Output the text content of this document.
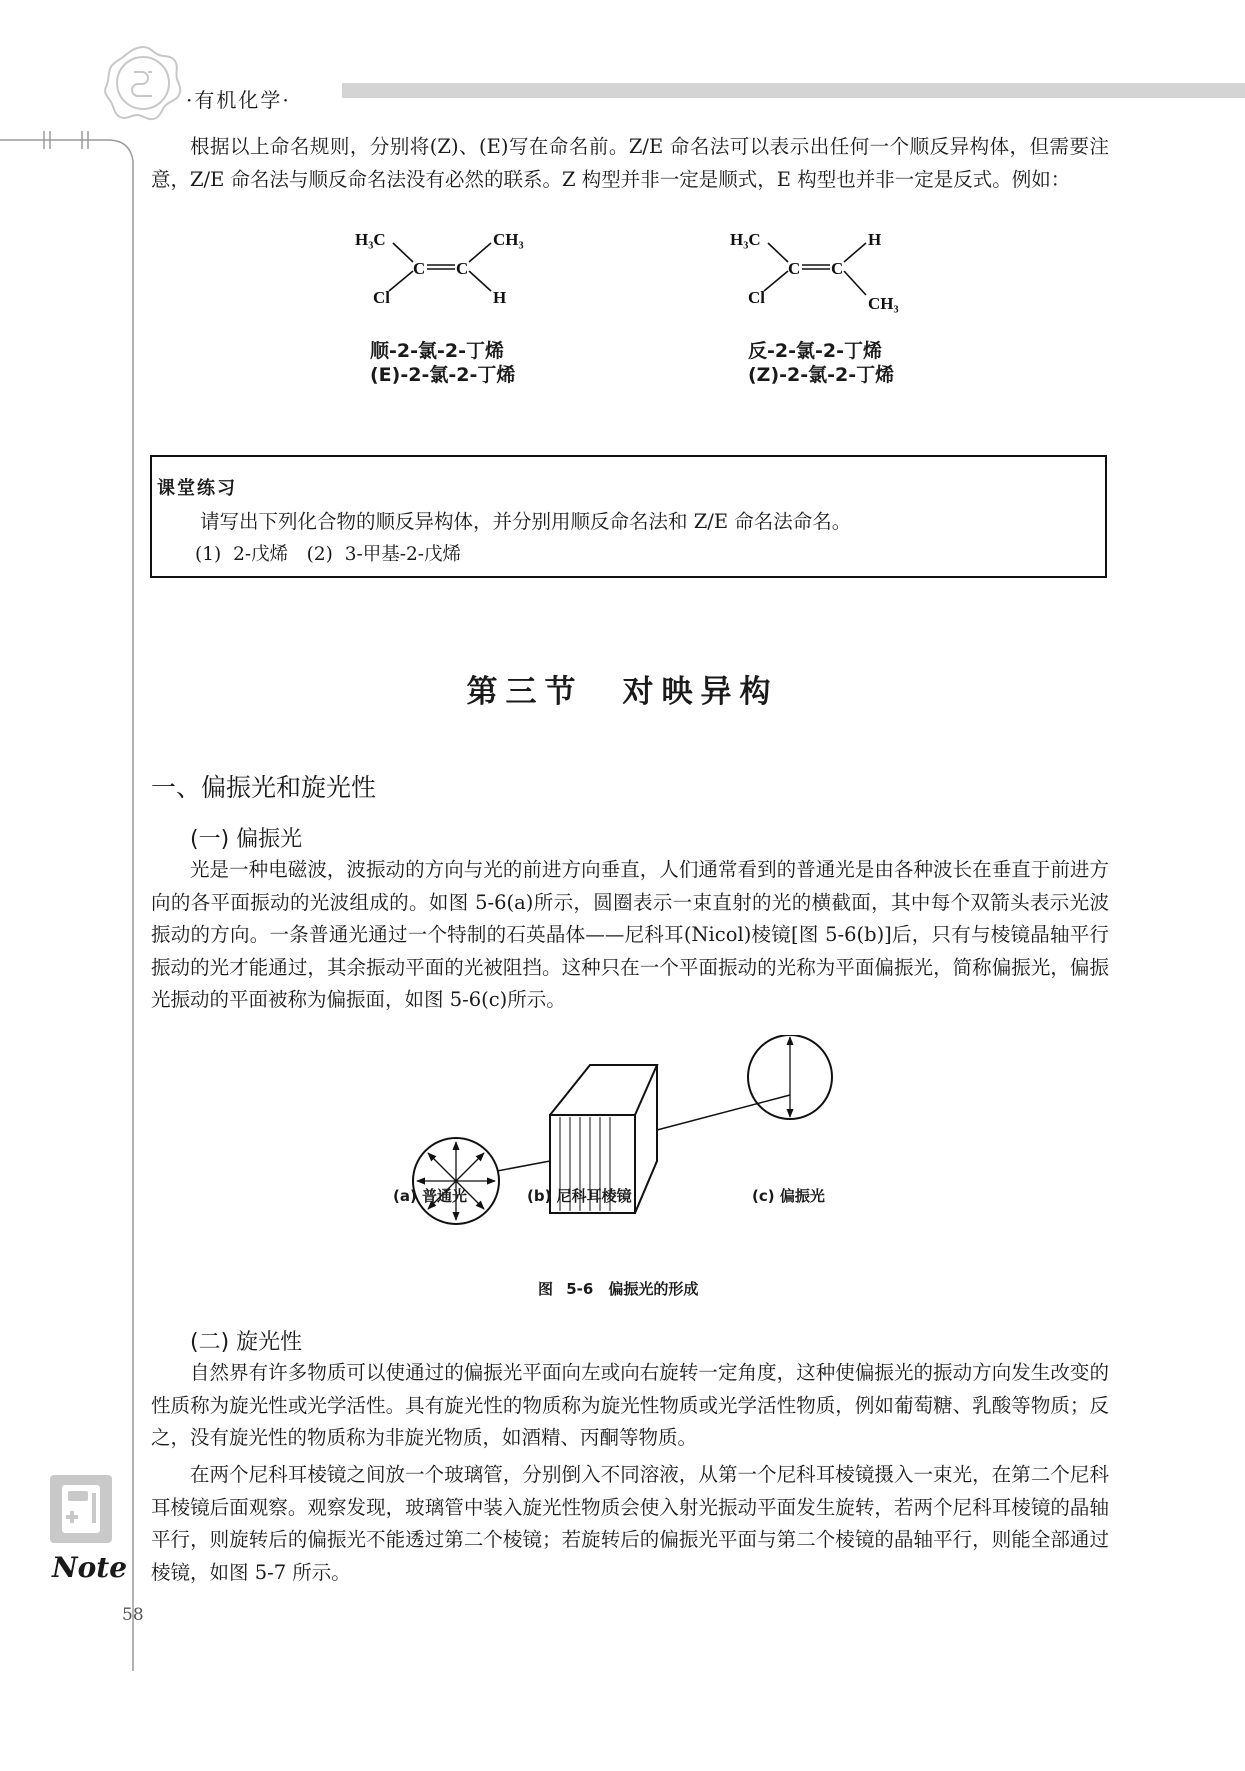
·有机化学·

根据以上命名规则，分别将(Z)、(E)写在命名前。Z/E 命名法可以表示出任何一个顺反异构体，但需要注意，Z/E 命名法与顺反命名法没有必然的联系。Z 构型并非一定是顺式，E 构型也并非一定是反式。例如：

H₃C	CH₃
Cl	H
C C
顺-2-氯-2-丁烯
(E)-2-氯-2-丁烯
H₃C	H
Cl	CH₃
C C
反-2-氯-2-丁烯
(Z)-2-氯-2-丁烯
课堂练习
请写出下列化合物的顺反异构体，并分别用顺反命名法和 Z/E 命名法命名。
(1) 2-戊烯　(2) 3-甲基-2-戊烯
第三节　对映异构
一、偏振光和旋光性
(一) 偏振光

光是一种电磁波，波振动的方向与光的前进方向垂直，人们通常看到的普通光是由各种波长在垂直于前进方向的各平面振动的光波组成的。如图 5-6(a)所示，圆圈表示一束直射的光的横截面，其中每个双箭头表示光波振动的方向。一条普通光通过一个特制的石英晶体——尼科耳(Nicol)棱镜[图 5-6(b)]后，只有与棱镜晶轴平行振动的光才能通过，其余振动平面的光被阻挡。这种只在一个平面振动的光称为平面偏振光，简称偏振光，偏振光振动的平面被称为偏振面，如图 5-6(c)所示。

(a) 普通光	(b) 尼科耳棱镜	(c) 偏振光
图 5-6　偏振光的形成
(二) 旋光性

自然界有许多物质可以使通过的偏振光平面向左或向右旋转一定角度，这种使偏振光的振动方向发生改变的性质称为旋光性或光学活性。具有旋光性的物质称为旋光性物质或光学活性物质，例如葡萄糖、乳酸等物质；反之，没有旋光性的物质称为非旋光物质，如酒精、丙酮等物质。

在两个尼科耳棱镜之间放一个玻璃管，分别倒入不同溶液，从第一个尼科耳棱镜摄入一束光，在第二个尼科耳棱镜后面观察。观察发现，玻璃管中装入旋光性物质会使入射光振动平面发生旋转，若两个尼科耳棱镜的晶轴平行，则旋转后的偏振光不能透过第二个棱镜；若旋转后的偏振光平面与第二个棱镜的晶轴平行，则能全部通过棱镜，如图 5-7 所示。

Note
58
